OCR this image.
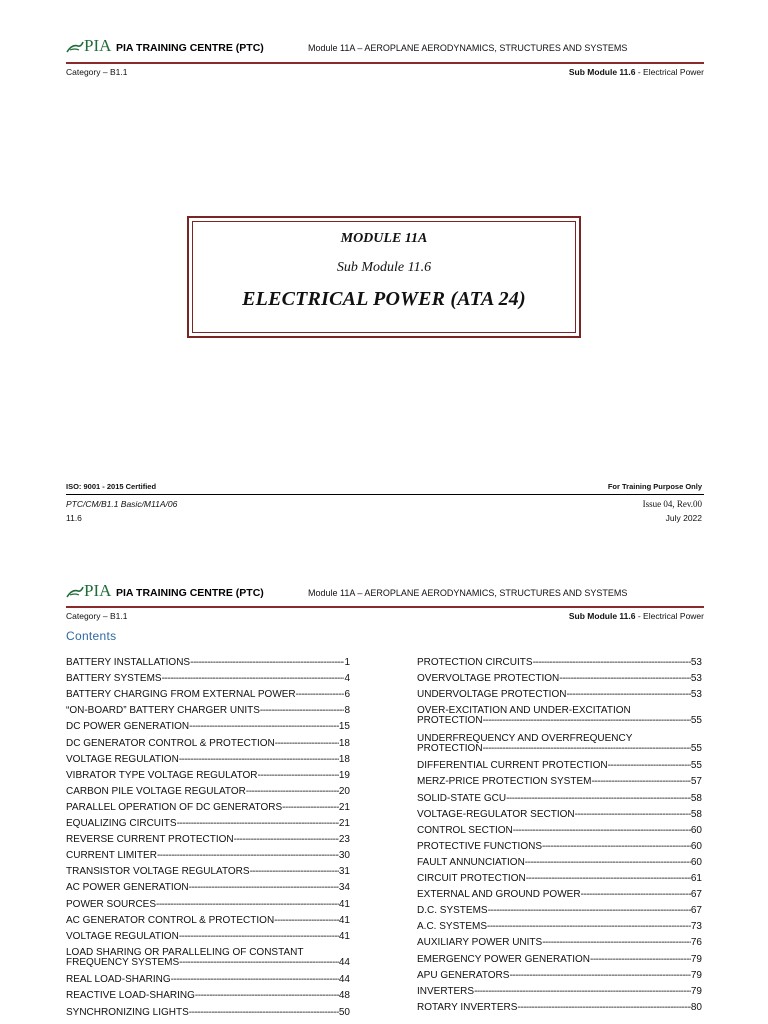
PIA PIA TRAINING CENTRE (PTC)	Module 11A – AEROPLANE AERODYNAMICS, STRUCTURES AND SYSTEMS
Category – B1.1	Sub Module 11.6 - Electrical Power
MODULE 11A
Sub Module 11.6
ELECTRICAL POWER (ATA 24)
ISO: 9001 - 2015 Certified	For Training Purpose Only
PTC/CM/B1.1 Basic/M11A/06	Issue 04, Rev.00
11.6	July 2022
PIA PIA TRAINING CENTRE (PTC)	Module 11A – AEROPLANE AERODYNAMICS, STRUCTURES AND SYSTEMS
Category – B1.1	Sub Module 11.6 - Electrical Power
Contents
BATTERY INSTALLATIONS -----	1
BATTERY SYSTEMS -----	4
BATTERY CHARGING FROM EXTERNAL POWER -----	6
“ON-BOARD” BATTERY CHARGER UNITS -----	8
DC POWER GENERATION -----	15
DC GENERATOR CONTROL & PROTECTION -----	18
VOLTAGE REGULATION -----	18
VIBRATOR TYPE VOLTAGE REGULATOR -----	19
CARBON PILE VOLTAGE REGULATOR -----	20
PARALLEL OPERATION OF DC GENERATORS -----	21
EQUALIZING CIRCUITS -----	21
REVERSE CURRENT PROTECTION -----	23
CURRENT LIMITER -----	30
TRANSISTOR VOLTAGE REGULATORS -----	31
AC POWER GENERATION -----	34
POWER SOURCES -----	41
AC GENERATOR CONTROL & PROTECTION -----	41
VOLTAGE REGULATION -----	41
LOAD SHARING OR PARALLELING OF CONSTANT
FREQUENCY SYSTEMS -----	44
REAL LOAD-SHARING -----	44
REACTIVE LOAD-SHARING -----	48
SYNCHRONIZING LIGHTS -----	50
PROTECTION CIRCUITS -----	53
OVERVOLTAGE PROTECTION -----	53
UNDERVOLTAGE PROTECTION -----	53
OVER-EXCITATION AND UNDER-EXCITATION
PROTECTION -----	55
UNDERFREQUENCY AND OVERFREQUENCY
PROTECTION -----	55
DIFFERENTIAL CURRENT PROTECTION -----	55
MERZ-PRICE PROTECTION SYSTEM -----	57
SOLID-STATE GCU -----	58
VOLTAGE-REGULATOR SECTION -----	58
CONTROL SECTION -----	60
PROTECTIVE FUNCTIONS -----	60
FAULT ANNUNCIATION -----	60
CIRCUIT PROTECTION -----	61
EXTERNAL AND GROUND POWER -----	67
D.C. SYSTEMS -----	67
A.C. SYSTEMS -----	73
AUXILIARY POWER UNITS -----	76
EMERGENCY POWER GENERATION -----	79
APU GENERATORS -----	79
INVERTERS -----	79
ROTARY INVERTERS -----	80
